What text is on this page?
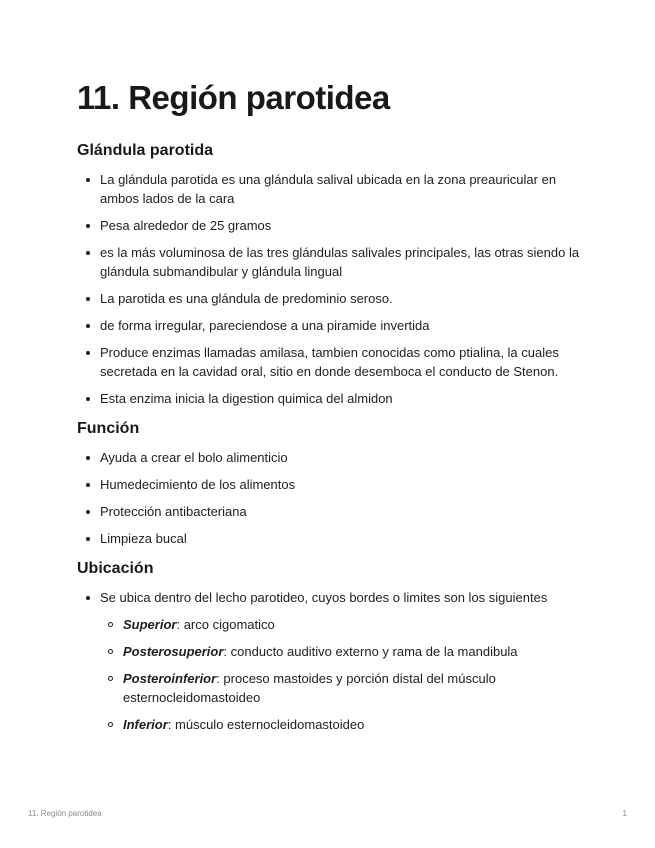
11. Región parotidea
Glándula parotida
La glándula parotida es una glándula salival ubicada en la zona preauricular en ambos lados de la cara
Pesa alrededor de 25 gramos
es la más voluminosa de las tres glándulas salivales principales, las otras siendo la glándula submandibular y glándula lingual
La parotida es una glándula de predominio seroso.
de forma irregular, pareciendose a una piramide invertida
Produce enzimas llamadas amilasa, tambien conocidas como ptialina, la cuales secretada en la cavidad oral, sitio en donde desemboca el conducto de Stenon.
Esta enzima inicia la digestion quimica del almidon
Función
Ayuda a crear el bolo alimenticio
Humedecimiento de los alimentos
Protección antibacteriana
Limpieza bucal
Ubicación
Se ubica dentro del lecho parotideo, cuyos bordes o limites son los siguientes
Superior: arco cigomatico
Posterosuperior: conducto auditivo externo y rama de la mandibula
Posteroinferior: proceso mastoides y porción distal del músculo esternocleidomastoideo
Inferior: músculo esternocleidomastoideo
11. Región parotidea	1
